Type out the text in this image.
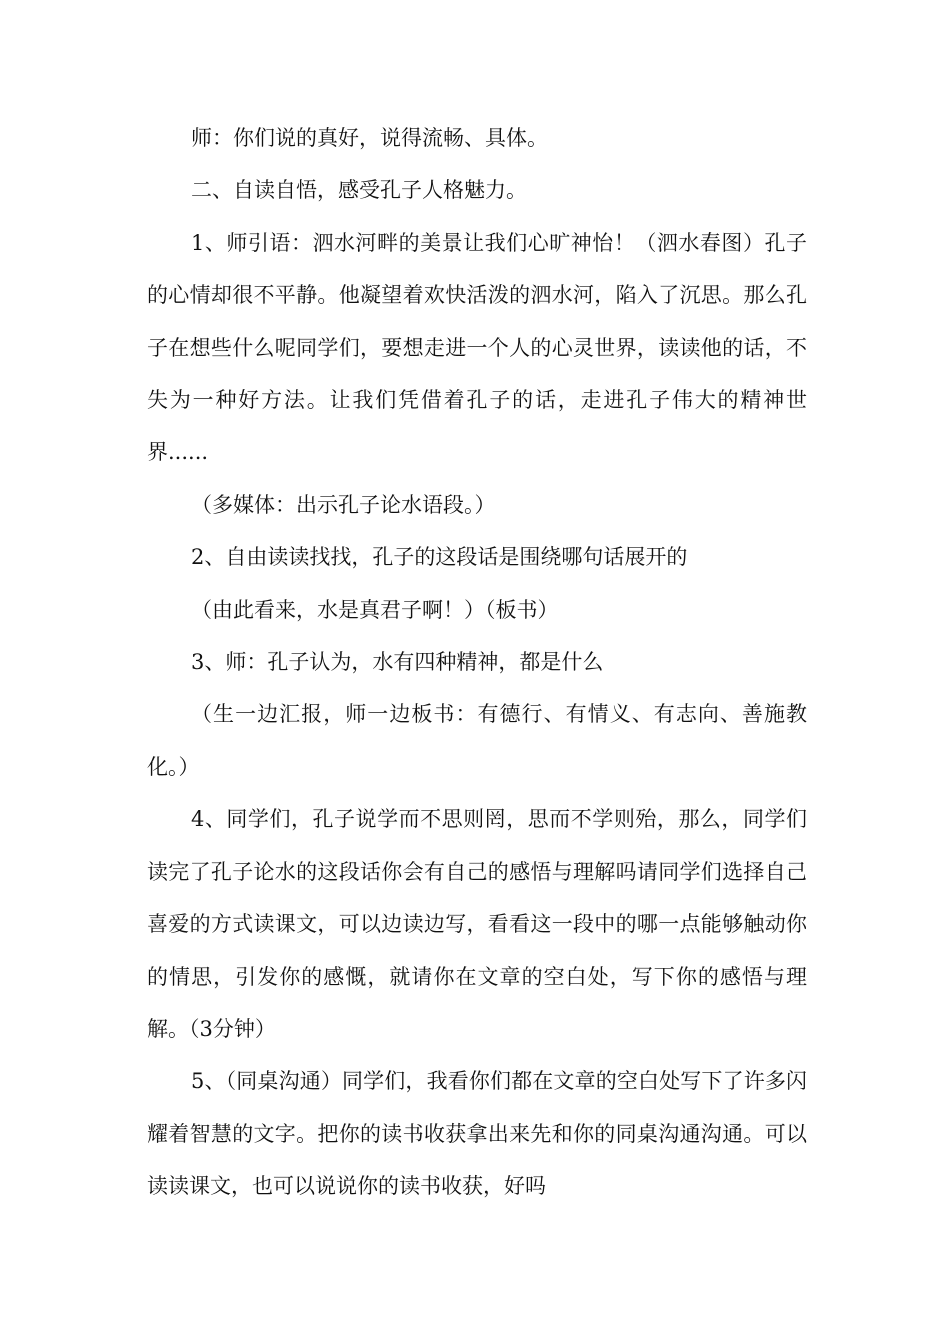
师：你们说的真好，说得流畅、具体。

二、自读自悟，感受孔子人格魅力。

1、师引语：泗水河畔的美景让我们心旷神怡！（泗水春图）孔子的心情却很不平静。他凝望着欢快活泼的泗水河，陷入了沉思。那么孔子在想些什么呢同学们，要想走进一个人的心灵世界，读读他的话，不失为一种好方法。让我们凭借着孔子的话，走进孔子伟大的精神世界......

（多媒体：出示孔子论水语段。）

2、自由读读找找，孔子的这段话是围绕哪句话展开的

（由此看来，水是真君子啊！）（板书）

3、师：孔子认为，水有四种精神，都是什么

（生一边汇报，师一边板书：有德行、有情义、有志向、善施教化。）

4、同学们，孔子说学而不思则罔，思而不学则殆，那么，同学们读完了孔子论水的这段话你会有自己的感悟与理解吗请同学们选择自己喜爱的方式读课文，可以边读边写，看看这一段中的哪一点能够触动你的情思，引发你的感慨，就请你在文章的空白处，写下你的感悟与理解。（3分钟）

5、（同桌沟通）同学们，我看你们都在文章的空白处写下了许多闪耀着智慧的文字。把你的读书收获拿出来先和你的同桌沟通沟通。可以读读课文，也可以说说你的读书收获，好吗
